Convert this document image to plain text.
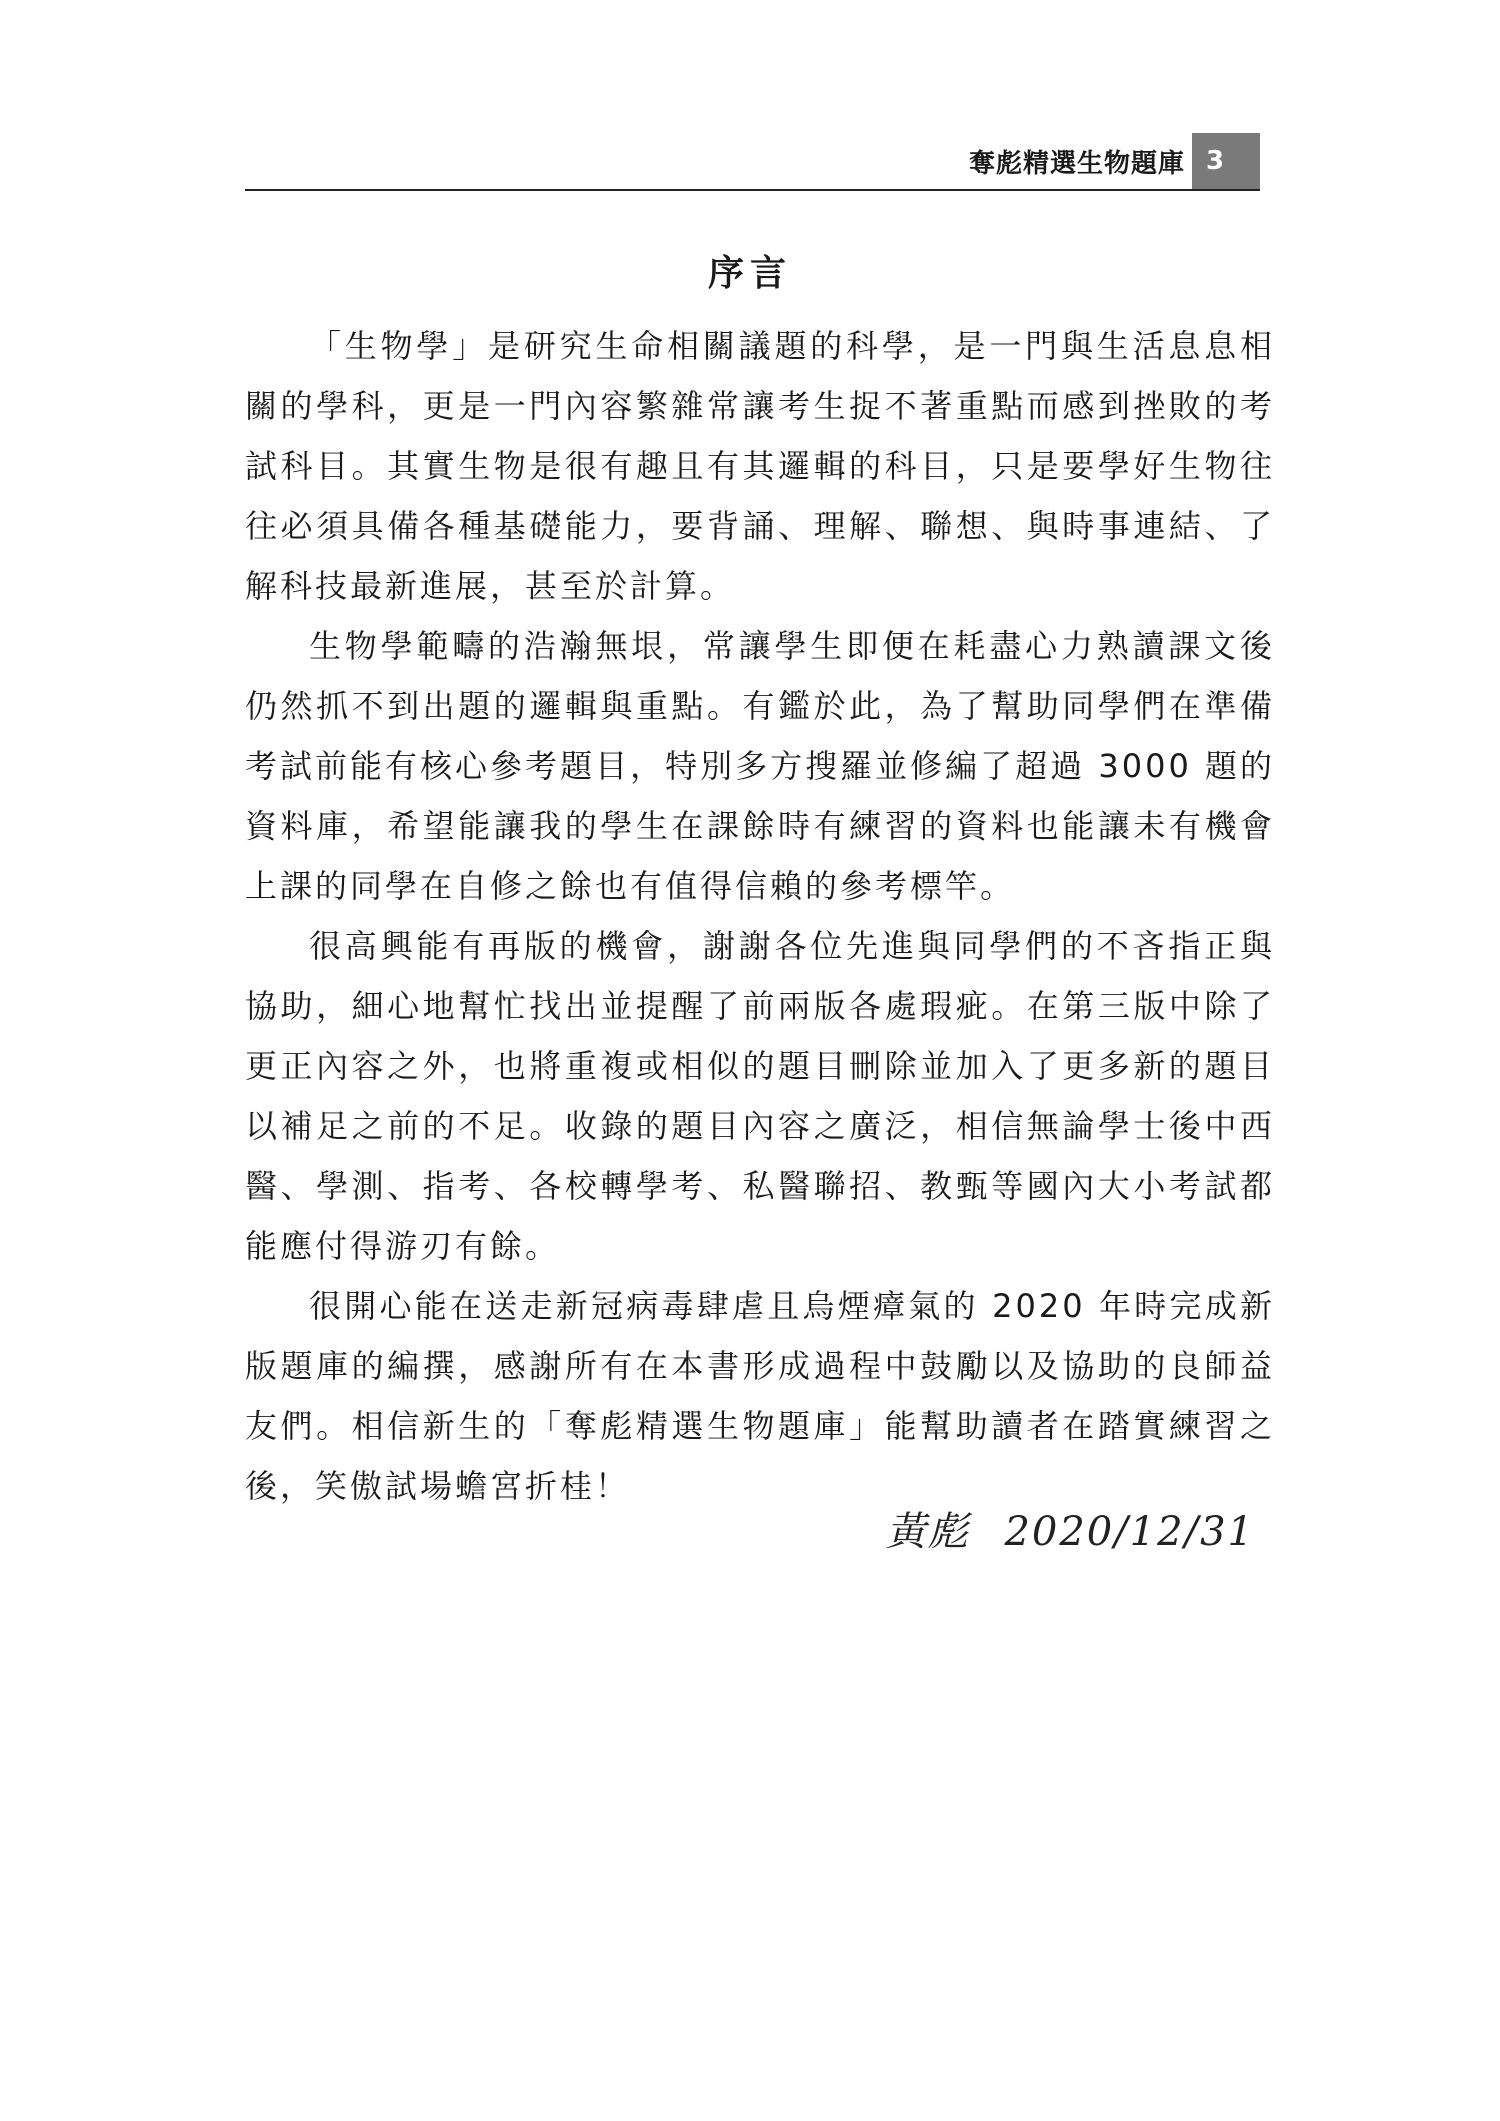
奪彪精選生物題庫 3
序言

「生物學」是研究生命相關議題的科學，是一門與生活息息相關的學科，更是一門內容繁雜常讓考生捉不著重點而感到挫敗的考試科目。其實生物是很有趣且有其邏輯的科目，只是要學好生物往往必須具備各種基礎能力，要背誦、理解、聯想、與時事連結、了解科技最新進展，甚至於計算。

生物學範疇的浩瀚無垠，常讓學生即便在耗盡心力熟讀課文後仍然抓不到出題的邏輯與重點。有鑑於此，為了幫助同學們在準備考試前能有核心參考題目，特別多方搜羅並修編了超過 3000 題的資料庫，希望能讓我的學生在課餘時有練習的資料也能讓未有機會上課的同學在自修之餘也有值得信賴的參考標竿。

很高興能有再版的機會，謝謝各位先進與同學們的不吝指正與協助，細心地幫忙找出並提醒了前兩版各處瑕疵。在第三版中除了更正內容之外，也將重複或相似的題目刪除並加入了更多新的題目以補足之前的不足。收錄的題目內容之廣泛，相信無論學士後中西醫、學測、指考、各校轉學考、私醫聯招、教甄等國內大小考試都能應付得游刃有餘。

很開心能在送走新冠病毒肆虐且烏煙瘴氣的 2020 年時完成新版題庫的編撰，感謝所有在本書形成過程中鼓勵以及協助的良師益友們。相信新生的「奪彪精選生物題庫」能幫助讀者在踏實練習之後，笑傲試場蟾宮折桂！

黃彪 2020/12/31
